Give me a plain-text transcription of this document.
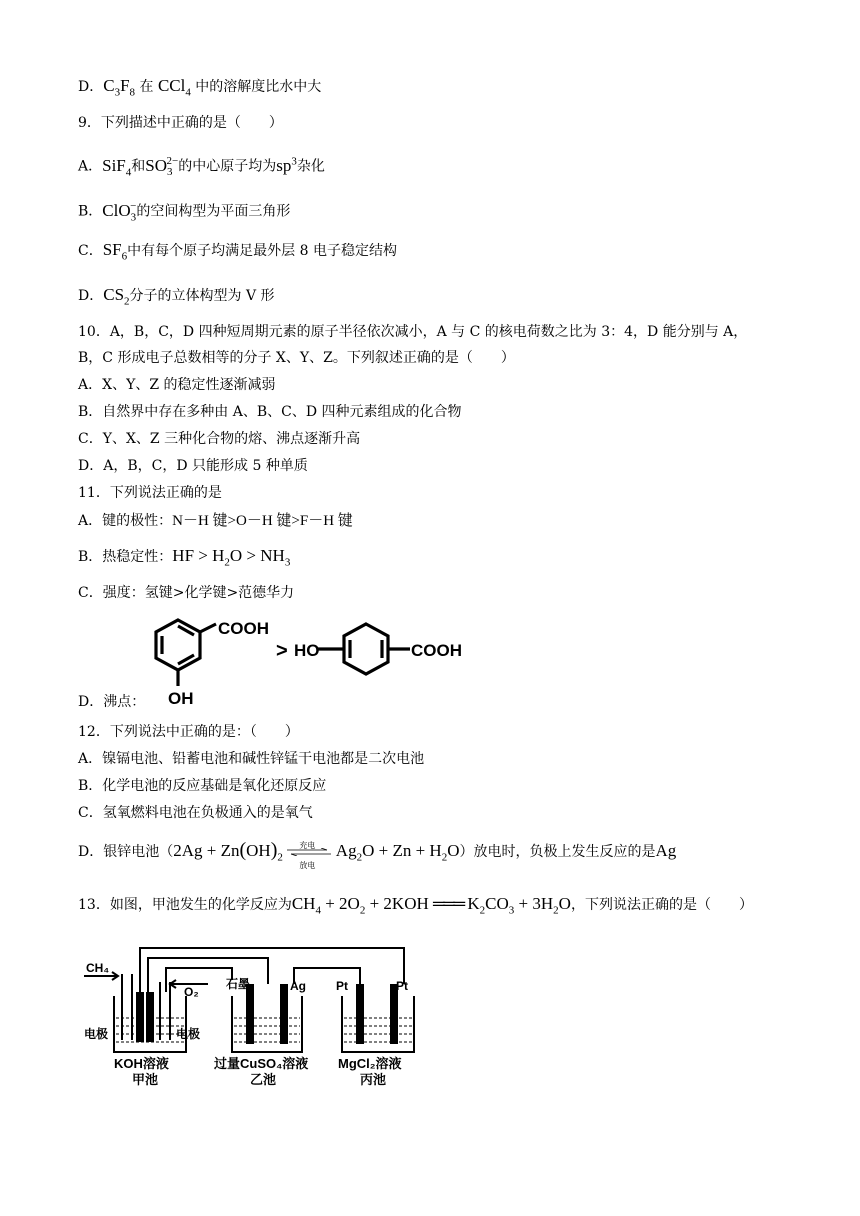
D．$C_3F_8$ 在 CCl$_4$ 中的溶解度比水中大
9．下列描述中正确的是（　　）
A．SiF$_4$和$SO_3^{2-}$的中心原子均为$sp^3$杂化
B．ClO$_3$−的空间构型为平面三角形
C．$SF_6$中有每个原子均满足最外层 8 电子稳定结构
D．$CS_2$分子的立体构型为 V 形
10．A，B，C，D 四种短周期元素的原子半径依次减小，A 与 C 的核电荷数之比为 3：4，D 能分别与 A，
B，C 形成电子总数相等的分子 X、Y、Z。下列叙述正确的是（　　）
A．X、Y、Z 的稳定性逐渐减弱
B．自然界中存在多种由 A、B、C、D 四种元素组成的化合物
C．Y、X、Z 三种化合物的熔、沸点逐渐升高
D．A，B，C，D 只能形成 5 种单质
11．下列说法正确的是
A．键的极性：N－H 键>O－H 键>F－H 键
B．热稳定性：HF > $H_2O > NH_3$
C．强度：氢键>化学键>范德华力
COOH
> HO	COOH
OH
D．沸点：
12．下列说法中正确的是：（　　）
A．镍镉电池、铅蓄电池和碱性锌锰干电池都是二次电池
B．化学电池的反应基础是氧化还原反应
C．氢氧燃料电池在负极通入的是氧气
D．银锌电池（$2Ag + Zn(OH)_2$
充电
放电
$Ag_2O + Zn + H_2O$）放电时，负极上发生反应的是Ag
13．如图，甲池发生的化学反应为$CH_4 + 2O_2 + 2KOH$ ═══ $K_2CO_3 + 3H_2O$，下列说法正确的是（　　）
CH₄
O₂
石墨	Ag	Pt	Pt
电极	电极
KOH溶液
甲池
过量CuSO₄溶液
乙池
MgCl₂溶液
丙池
